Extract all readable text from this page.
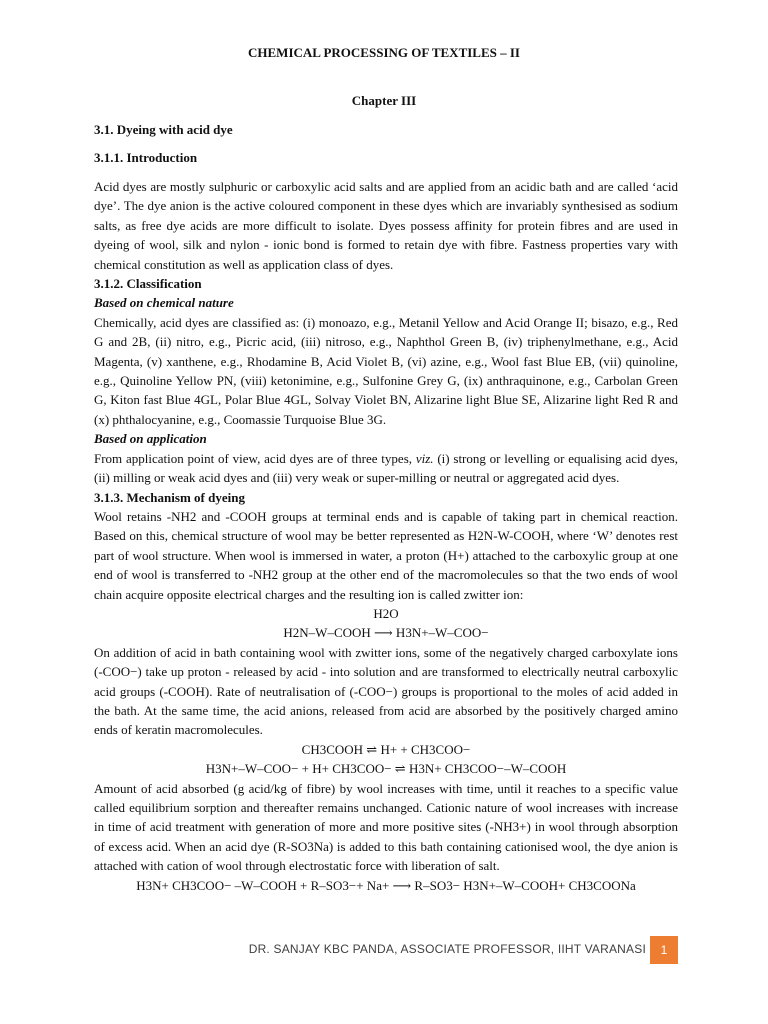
CHEMICAL PROCESSING OF TEXTILES – II
Chapter III
3.1. Dyeing with acid dye
3.1.1. Introduction

Acid dyes are mostly sulphuric or carboxylic acid salts and are applied from an acidic bath and are called ‘acid dye’. The dye anion is the active coloured component in these dyes which are invariably synthesised as sodium salts, as free dye acids are more difficult to isolate. Dyes possess affinity for protein fibres and are used in dyeing of wool, silk and nylon - ionic bond is formed to retain dye with fibre. Fastness properties vary with chemical constitution as well as application class of dyes.

3.1.2. Classification

Based on chemical nature

Chemically, acid dyes are classified as: (i) monoazo, e.g., Metanil Yellow and Acid Orange II; bisazo, e.g., Red G and 2B, (ii) nitro, e.g., Picric acid, (iii) nitroso, e.g., Naphthol Green B, (iv) triphenylmethane, e.g., Acid Magenta, (v) xanthene, e.g., Rhodamine B, Acid Violet B, (vi) azine, e.g., Wool fast Blue EB, (vii) quinoline, e.g., Quinoline Yellow PN, (viii) ketonimine, e.g., Sulfonine Grey G, (ix) anthraquinone, e.g., Carbolan Green G, Kiton fast Blue 4GL, Polar Blue 4GL, Solvay Violet BN, Alizarine light Blue SE, Alizarine light Red R and (x) phthalocyanine, e.g., Coomassie Turquoise Blue 3G.

Based on application

From application point of view, acid dyes are of three types, viz. (i) strong or levelling or equalising acid dyes, (ii) milling or weak acid dyes and (iii) very weak or super-milling or neutral or aggregated acid dyes.

3.1.3. Mechanism of dyeing

Wool retains -NH2 and -COOH groups at terminal ends and is capable of taking part in chemical reaction. Based on this, chemical structure of wool may be better represented as H2N-W-COOH, where ‘W’ denotes rest part of wool structure. When wool is immersed in water, a proton (H+) attached to the carboxylic group at one end of wool is transferred to -NH2 group at the other end of the macromolecules so that the two ends of wool chain acquire opposite electrical charges and the resulting ion is called zwitter ion:

H2O

H2N–W–COOH ⟶ H3N+–W–COO−

On addition of acid in bath containing wool with zwitter ions, some of the negatively charged carboxylate ions (-COO−) take up proton - released by acid - into solution and are transformed to electrically neutral carboxylic acid groups (-COOH). Rate of neutralisation of (-COO−) groups is proportional to the moles of acid added in the bath. At the same time, the acid anions, released from acid are absorbed by the positively charged amino ends of keratin macromolecules.

CH3COOH ⇌ H+ + CH3COO−

H3N+–W–COO− + H+ CH3COO− ⇌ H3N+ CH3COO−–W–COOH

Amount of acid absorbed (g acid/kg of fibre) by wool increases with time, until it reaches to a specific value called equilibrium sorption and thereafter remains unchanged. Cationic nature of wool increases with increase in time of acid treatment with generation of more and more positive sites (-NH3+) in wool through absorption of excess acid. When an acid dye (R-SO3Na) is added to this bath containing cationised wool, the dye anion is attached with cation of wool through electrostatic force with liberation of salt.

H3N+ CH3COO− –W–COOH + R–SO3−+ Na+ ⟶ R–SO3− H3N+–W–COOH+ CH3COONa

DR. SANJAY KBC PANDA, ASSOCIATE PROFESSOR, IIHT VARANASI	1
